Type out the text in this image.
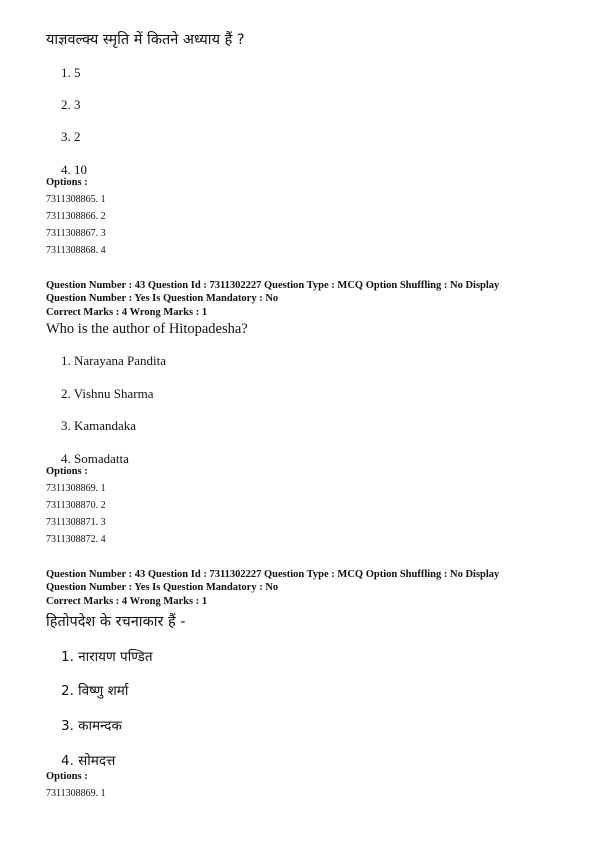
याज्ञवल्क्य स्मृति में कितने अध्याय हैं ?
1. 5
2. 3
3. 2
4. 10
Options :
7311308865. 1
7311308866. 2
7311308867. 3
7311308868. 4
Question Number : 43 Question Id : 7311302227 Question Type : MCQ Option Shuffling : No Display
Question Number : Yes Is Question Mandatory : No
Correct Marks : 4 Wrong Marks : 1
Who is the author of Hitopadesha?
1. Narayana Pandita
2. Vishnu Sharma
3. Kamandaka
4. Somadatta
Options :
7311308869. 1
7311308870. 2
7311308871. 3
7311308872. 4
Question Number : 43 Question Id : 7311302227 Question Type : MCQ Option Shuffling : No Display
Question Number : Yes Is Question Mandatory : No
Correct Marks : 4 Wrong Marks : 1
हितोपदेश के रचनाकार हैं -
1. नारायण पण्डित
2. विष्णु शर्मा
3. कामन्दक
4. सोमदत्त
Options :
7311308869. 1
